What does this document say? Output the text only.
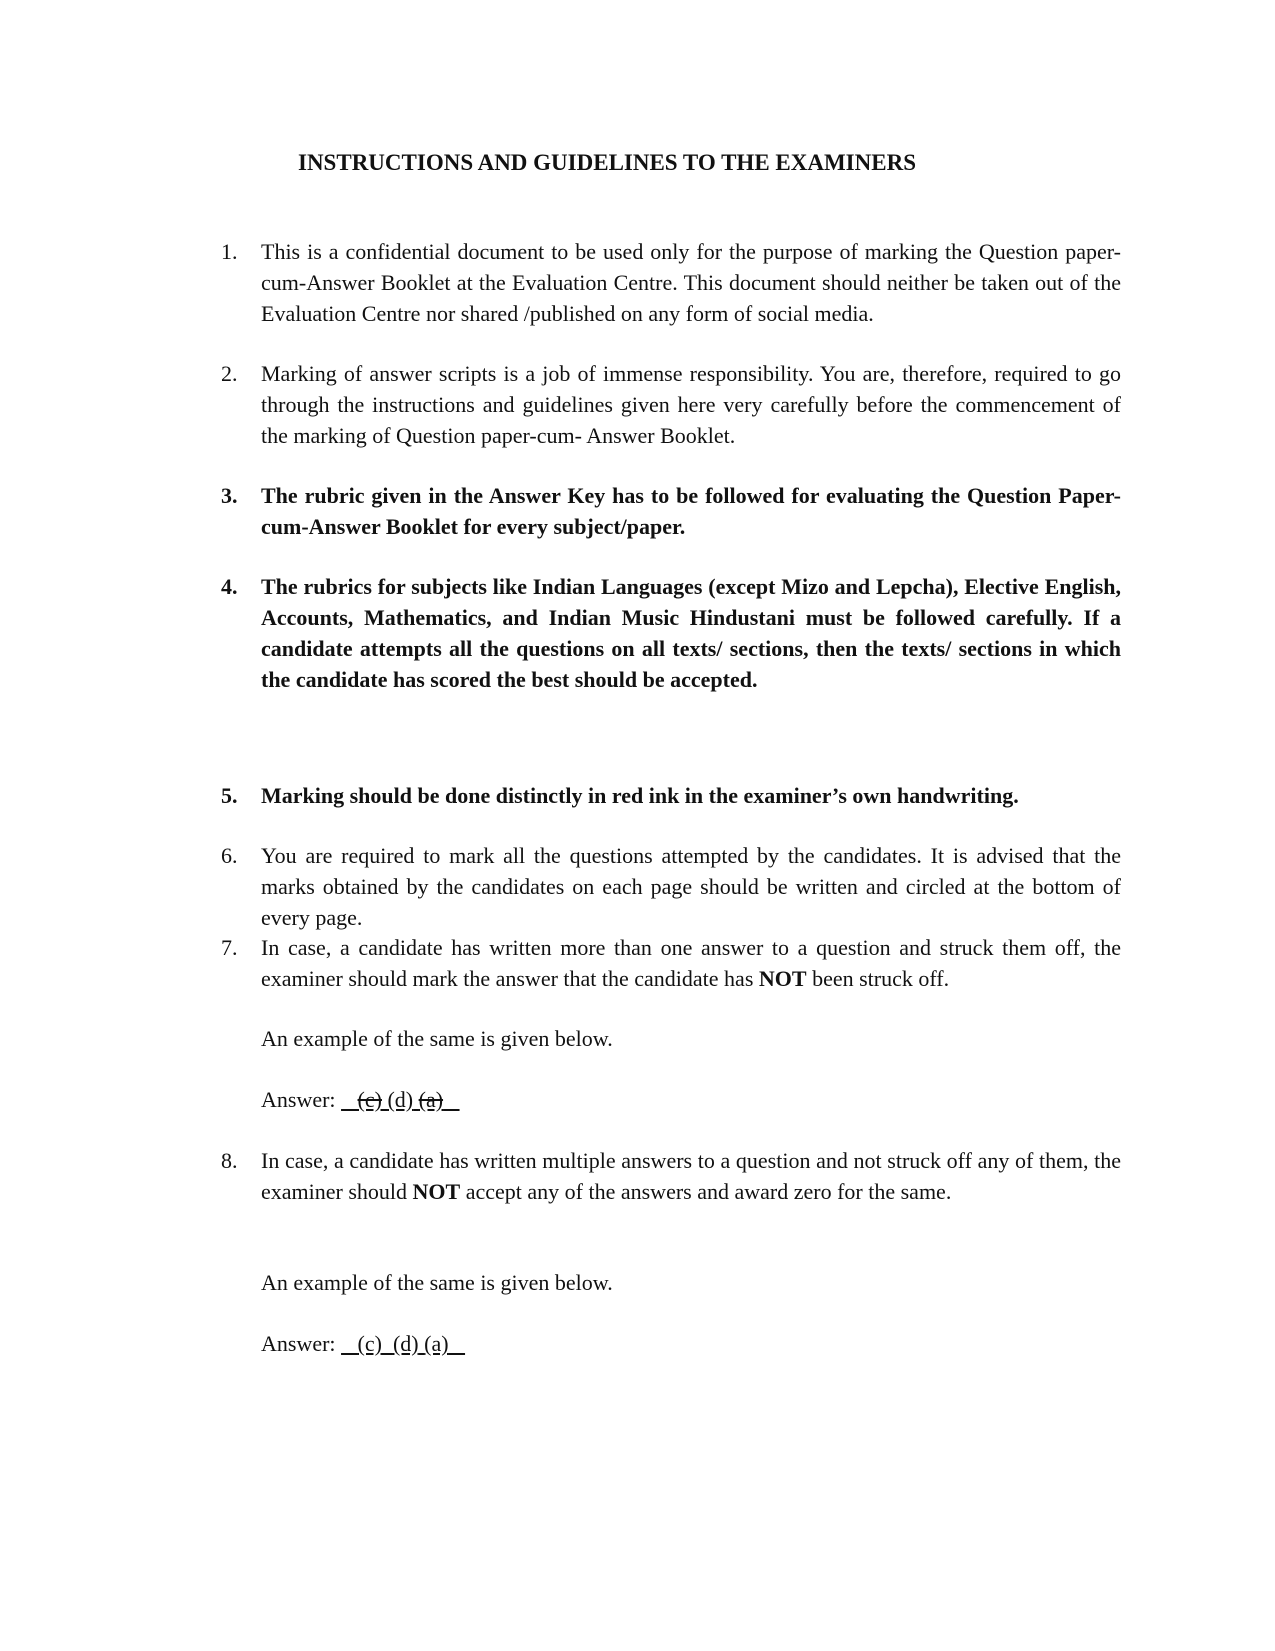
INSTRUCTIONS AND GUIDELINES TO THE EXAMINERS
1. This is a confidential document to be used only for the purpose of marking the Question paper-cum-Answer Booklet at the Evaluation Centre. This document should neither be taken out of the Evaluation Centre nor shared /published on any form of social media.
2. Marking of answer scripts is a job of immense responsibility. You are, therefore, required to go through the instructions and guidelines given here very carefully before the commencement of the marking of Question paper-cum- Answer Booklet.
3. The rubric given in the Answer Key has to be followed for evaluating the Question Paper-cum-Answer Booklet for every subject/paper.
4. The rubrics for subjects like Indian Languages (except Mizo and Lepcha), Elective English, Accounts, Mathematics, and Indian Music Hindustani must be followed carefully. If a candidate attempts all the questions on all texts/ sections, then the texts/ sections in which the candidate has scored the best should be accepted.
5. Marking should be done distinctly in red ink in the examiner’s own handwriting.
6. You are required to mark all the questions attempted by the candidates. It is advised that the marks obtained by the candidates on each page should be written and circled at the bottom of every page.
7. In case, a candidate has written more than one answer to a question and struck them off, the examiner should mark the answer that the candidate has NOT been struck off.
An example of the same is given below.
Answer: (c) (d) (a)
8. In case, a candidate has written multiple answers to a question and not struck off any of them, the examiner should NOT accept any of the answers and award zero for the same.
An example of the same is given below.
Answer: (c) (d) (a)
